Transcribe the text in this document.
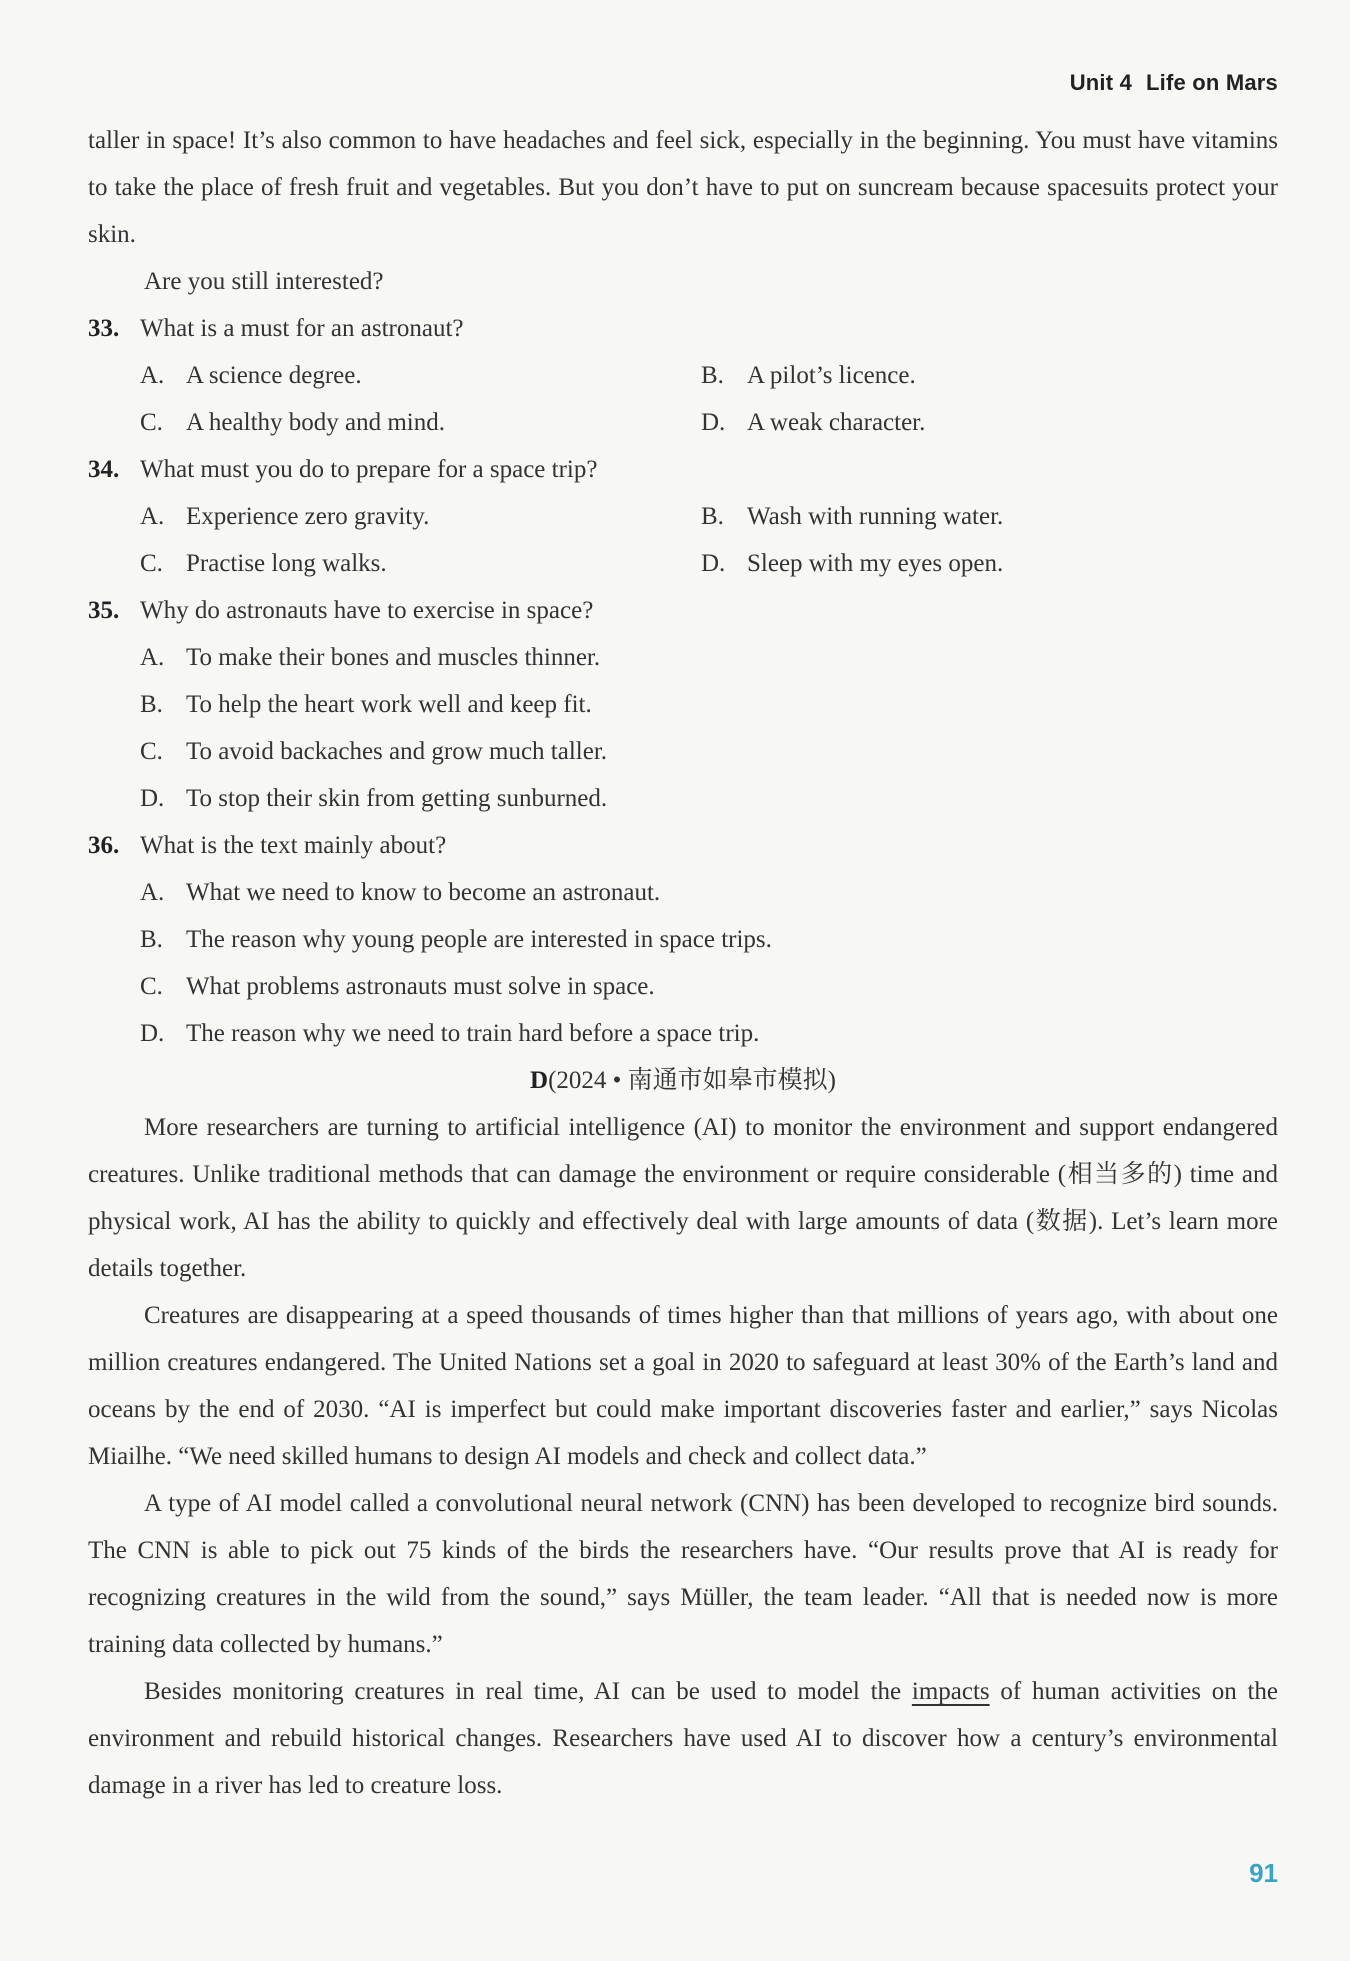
Unit 4 Life on Mars

taller in space! It’s also common to have headaches and feel sick, especially in the beginning. You must have vitamins to take the place of fresh fruit and vegetables. But you don’t have to put on suncream because spacesuits protect your skin.

Are you still interested?

33. What is a must for an astronaut?

A. A science degree.	B. A pilot’s licence.
C. A healthy body and mind.	D. A weak character.

34. What must you do to prepare for a space trip?

A. Experience zero gravity.	B. Wash with running water.
C. Practise long walks.	D. Sleep with my eyes open.

35. Why do astronauts have to exercise in space?

A. To make their bones and muscles thinner.
B. To help the heart work well and keep fit.
C. To avoid backaches and grow much taller.
D. To stop their skin from getting sunburned.

36. What is the text mainly about?

A. What we need to know to become an astronaut.
B. The reason why young people are interested in space trips.
C. What problems astronauts must solve in space.
D. The reason why we need to train hard before a space trip.

D(2024 • 南通市如皋市模拟)

More researchers are turning to artificial intelligence (AI) to monitor the environment and support endangered creatures. Unlike traditional methods that can damage the environment or require considerable (相当多的) time and physical work, AI has the ability to quickly and effectively deal with large amounts of data (数据). Let’s learn more details together.

Creatures are disappearing at a speed thousands of times higher than that millions of years ago, with about one million creatures endangered. The United Nations set a goal in 2020 to safeguard at least 30% of the Earth’s land and oceans by the end of 2030. “AI is imperfect but could make important discoveries faster and earlier,” says Nicolas Miailhe. “We need skilled humans to design AI models and check and collect data.”

A type of AI model called a convolutional neural network (CNN) has been developed to recognize bird sounds. The CNN is able to pick out 75 kinds of the birds the researchers have. “Our results prove that AI is ready for recognizing creatures in the wild from the sound,” says Müller, the team leader. “All that is needed now is more training data collected by humans.”

Besides monitoring creatures in real time, AI can be used to model the impacts of human activities on the environment and rebuild historical changes. Researchers have used AI to discover how a century’s environmental damage in a river has led to creature loss.

91
